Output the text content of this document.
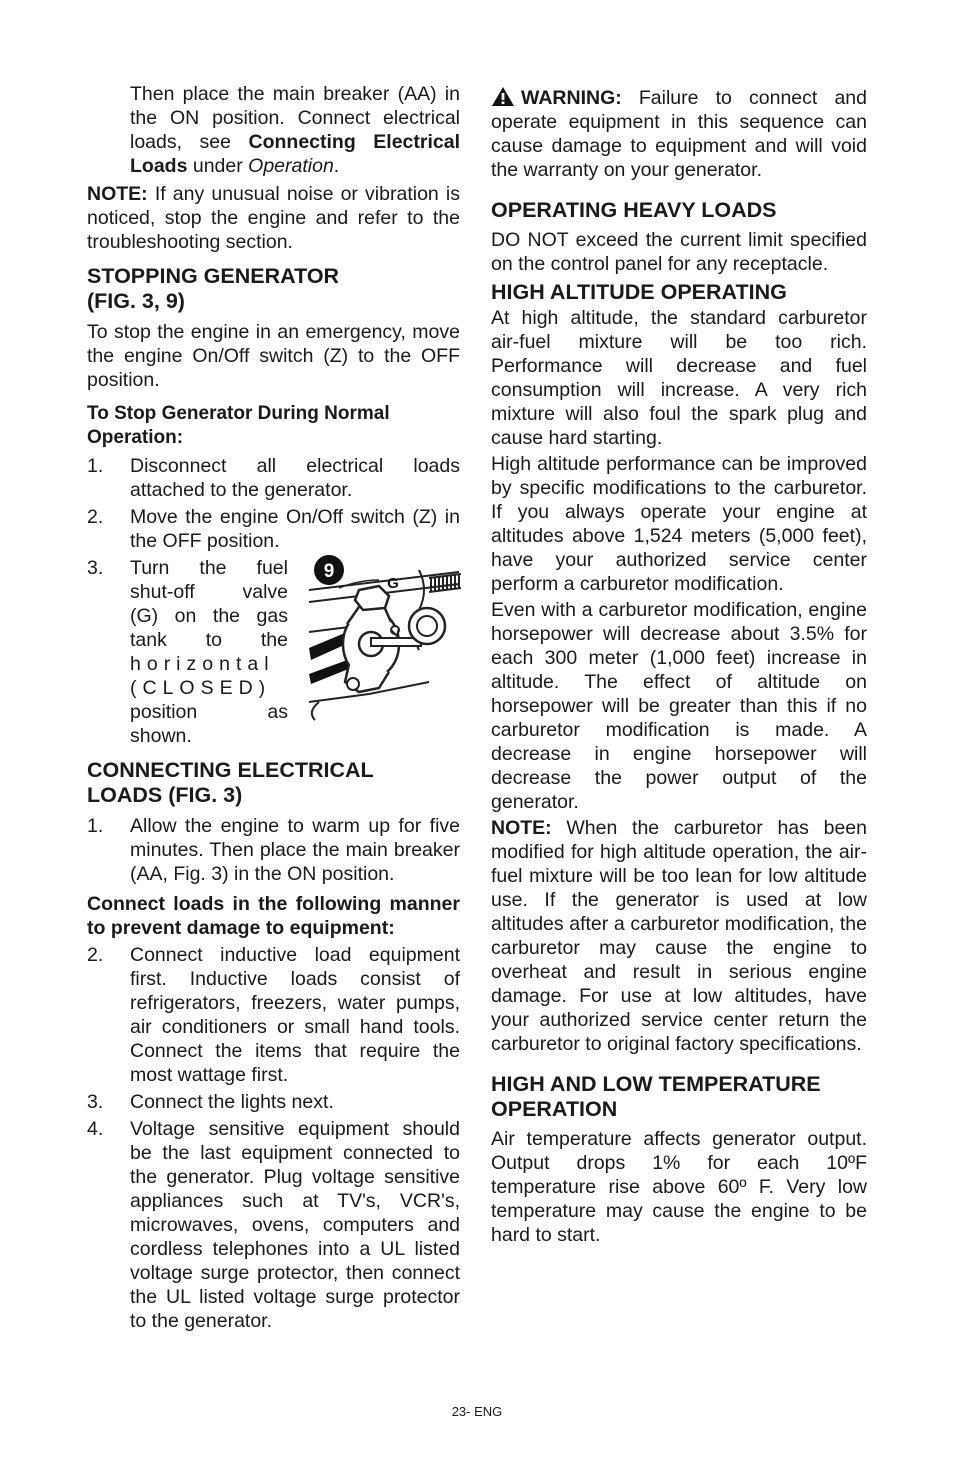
Then place the main breaker (AA) in the ON position. Connect electrical loads, see Connecting Electrical Loads under Operation.

NOTE: If any unusual noise or vibration is noticed, stop the engine and refer to the troubleshooting section.

STOPPING GENERATOR
(FIG. 3, 9)

To stop the engine in an emergency, move the engine On/Off switch (Z) to the OFF position.

To Stop Generator During Normal Operation:
1.	Disconnect all electrical loads attached to the generator.
2.	Move the engine On/Off switch (Z) in the OFF position.
3.	Turn the fuel
shut-off valve
(G) on the gas
tank to the
horizontal
(CLOSED)
position as
shown.
9
G
CONNECTING ELECTRICAL
LOADS (FIG. 3)
1.	Allow the engine to warm up for five minutes. Then place the main breaker (AA, Fig. 3) in the ON position.

Connect loads in the following manner to prevent damage to equipment:

2.	Connect inductive load equipment first. Inductive loads consist of refrigerators, freezers, water pumps, air conditioners or small hand tools. Connect the items that require the most wattage first.
3.	Connect the lights next.
4.	Voltage sensitive equipment should be the last equipment connected to the generator. Plug voltage sensitive appliances such at TV's, VCR's, microwaves, ovens, computers and cordless telephones into a UL listed voltage surge protector, then connect the UL listed voltage surge protector to the generator.

WARNING: Failure to connect and operate equipment in this sequence can cause damage to equipment and will void the warranty on your generator.

OPERATING HEAVY LOADS

DO NOT exceed the current limit specified on the control panel for any receptacle.

HIGH ALTITUDE OPERATING

At high altitude, the standard carburetor air-fuel mixture will be too rich. Performance will decrease and fuel consumption will increase. A very rich mixture will also foul the spark plug and cause hard starting.

High altitude performance can be improved by specific modifications to the carburetor. If you always operate your engine at altitudes above 1,524 meters (5,000 feet), have your authorized service center perform a carburetor modification.

Even with a carburetor modification, engine horsepower will decrease about 3.5% for each 300 meter (1,000 feet) increase in altitude. The effect of altitude on horsepower will be greater than this if no carburetor modification is made. A decrease in engine horsepower will decrease the power output of the generator.

NOTE: When the carburetor has been modified for high altitude operation, the air-fuel mixture will be too lean for low altitude use. If the generator is used at low altitudes after a carburetor modification, the carburetor may cause the engine to overheat and result in serious engine damage. For use at low altitudes, have your authorized service center return the carburetor to original factory specifications.

HIGH AND LOW TEMPERATURE
OPERATION

Air temperature affects generator output. Output drops 1% for each 10ºF temperature rise above 60º F. Very low temperature may cause the engine to be hard to start.

23- ENG
